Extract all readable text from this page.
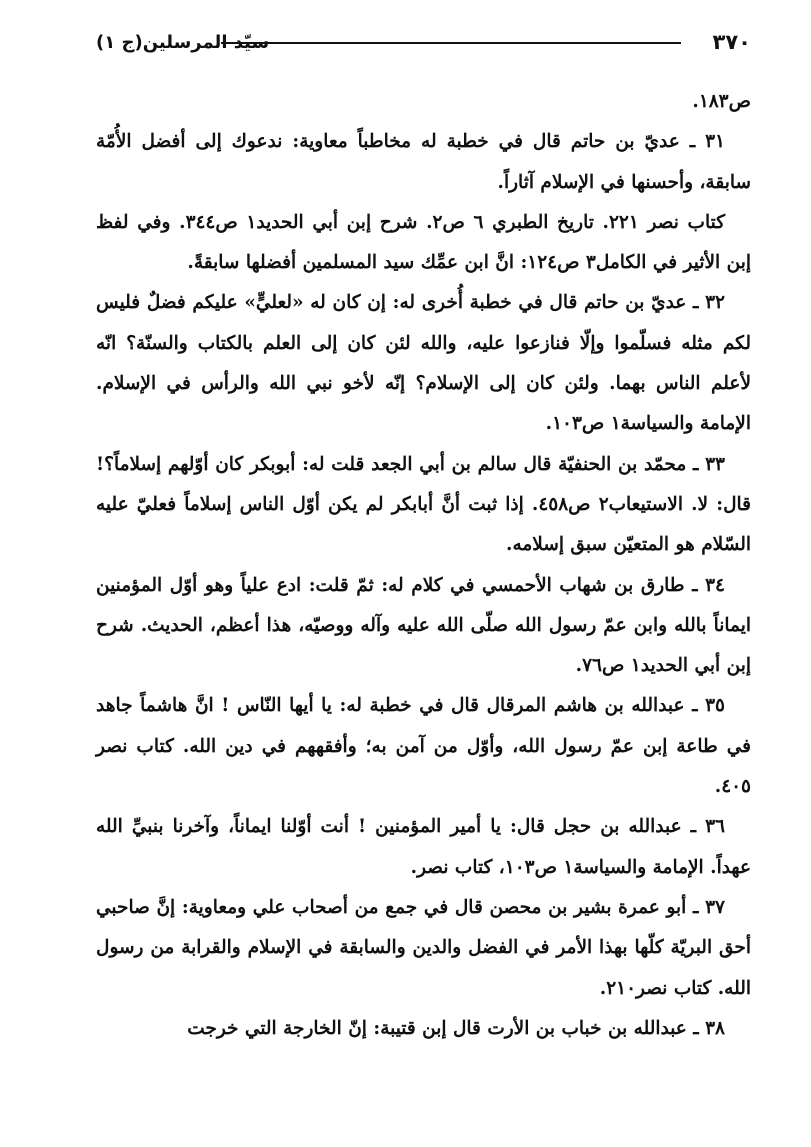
٣٧٠
سيّد المرسلين(ج ١)

ص١٨٣.

٣١ ـ عديّ بن حاتم قال في خطبة له مخاطباً معاوية: ندعوك إلى أفضل الأُمّة سابقة، وأحسنها في الإسلام آثاراً.

كتاب نصر ٢٢١. تاريخ الطبري ٦ ص٢. شرح إبن أبي الحديد١ ص٣٤٤. وفي لفظ إبن الأثير في الكامل٣ ص١٢٤: انَّ ابن عمِّك سيد المسلمين أفضلها سابقةً.

٣٢ ـ عديّ بن حاتم قال في خطبة أُخرى له: إن كان له «لعليٍّ» عليكم فضلٌ فليس لكم مثله فسلّموا وإلّا فنازعوا عليه، والله لئن كان إلى العلم بالكتاب والسنّة؟ انّه لأعلم الناس بهما. ولئن كان إلى الإسلام؟ إنّه لأخو نبي الله والرأس في الإسلام. الإمامة والسياسة١ ص١٠٣.

٣٣ ـ محمّد بن الحنفيّة قال سالم بن أبي الجعد قلت له: أبوبكر كان أوّلهم إسلاماً؟! قال: لا. الاستيعاب٢ ص٤٥٨. إذا ثبت أنَّ أبابكر لم يكن أوّل الناس إسلاماً فعليّ عليه السّلام هو المتعيّن سبق إسلامه.

٣٤ ـ طارق بن شهاب الأحمسي في كلام له: ثمّ قلت: ادع علياً وهو أوّل المؤمنين ايماناً بالله وابن عمّ رسول الله صلّى الله عليه وآله ووصيّه، هذا أعظم، الحديث. شرح إبن أبي الحديد١ ص٧٦.

٣٥ ـ عبدالله بن هاشم المرقال قال في خطبة له: يا أيها النّاس ! انَّ هاشماً جاهد في طاعة إبن عمّ رسول الله، وأوّل من آمن به؛ وأفقههم في دين الله. كتاب نصر ٤٠٥.

٣٦ ـ عبدالله بن حجل قال: يا أمير المؤمنين ! أنت أوّلنا ايماناً، وآخرنا بنبيِّ الله عهداً. الإمامة والسياسة١ ص١٠٣، كتاب نصر.

٣٧ ـ أبو عمرة بشير بن محصن قال في جمع من أصحاب علي ومعاوية: إنَّ صاحبي أحق البريّة كلّها بهذا الأمر في الفضل والدين والسابقة في الإسلام والقرابة من رسول الله. كتاب نصر٢١٠.

٣٨ ـ عبدالله بن خباب بن الأرت قال إبن قتيبة: إنّ الخارجة التي خرجت
